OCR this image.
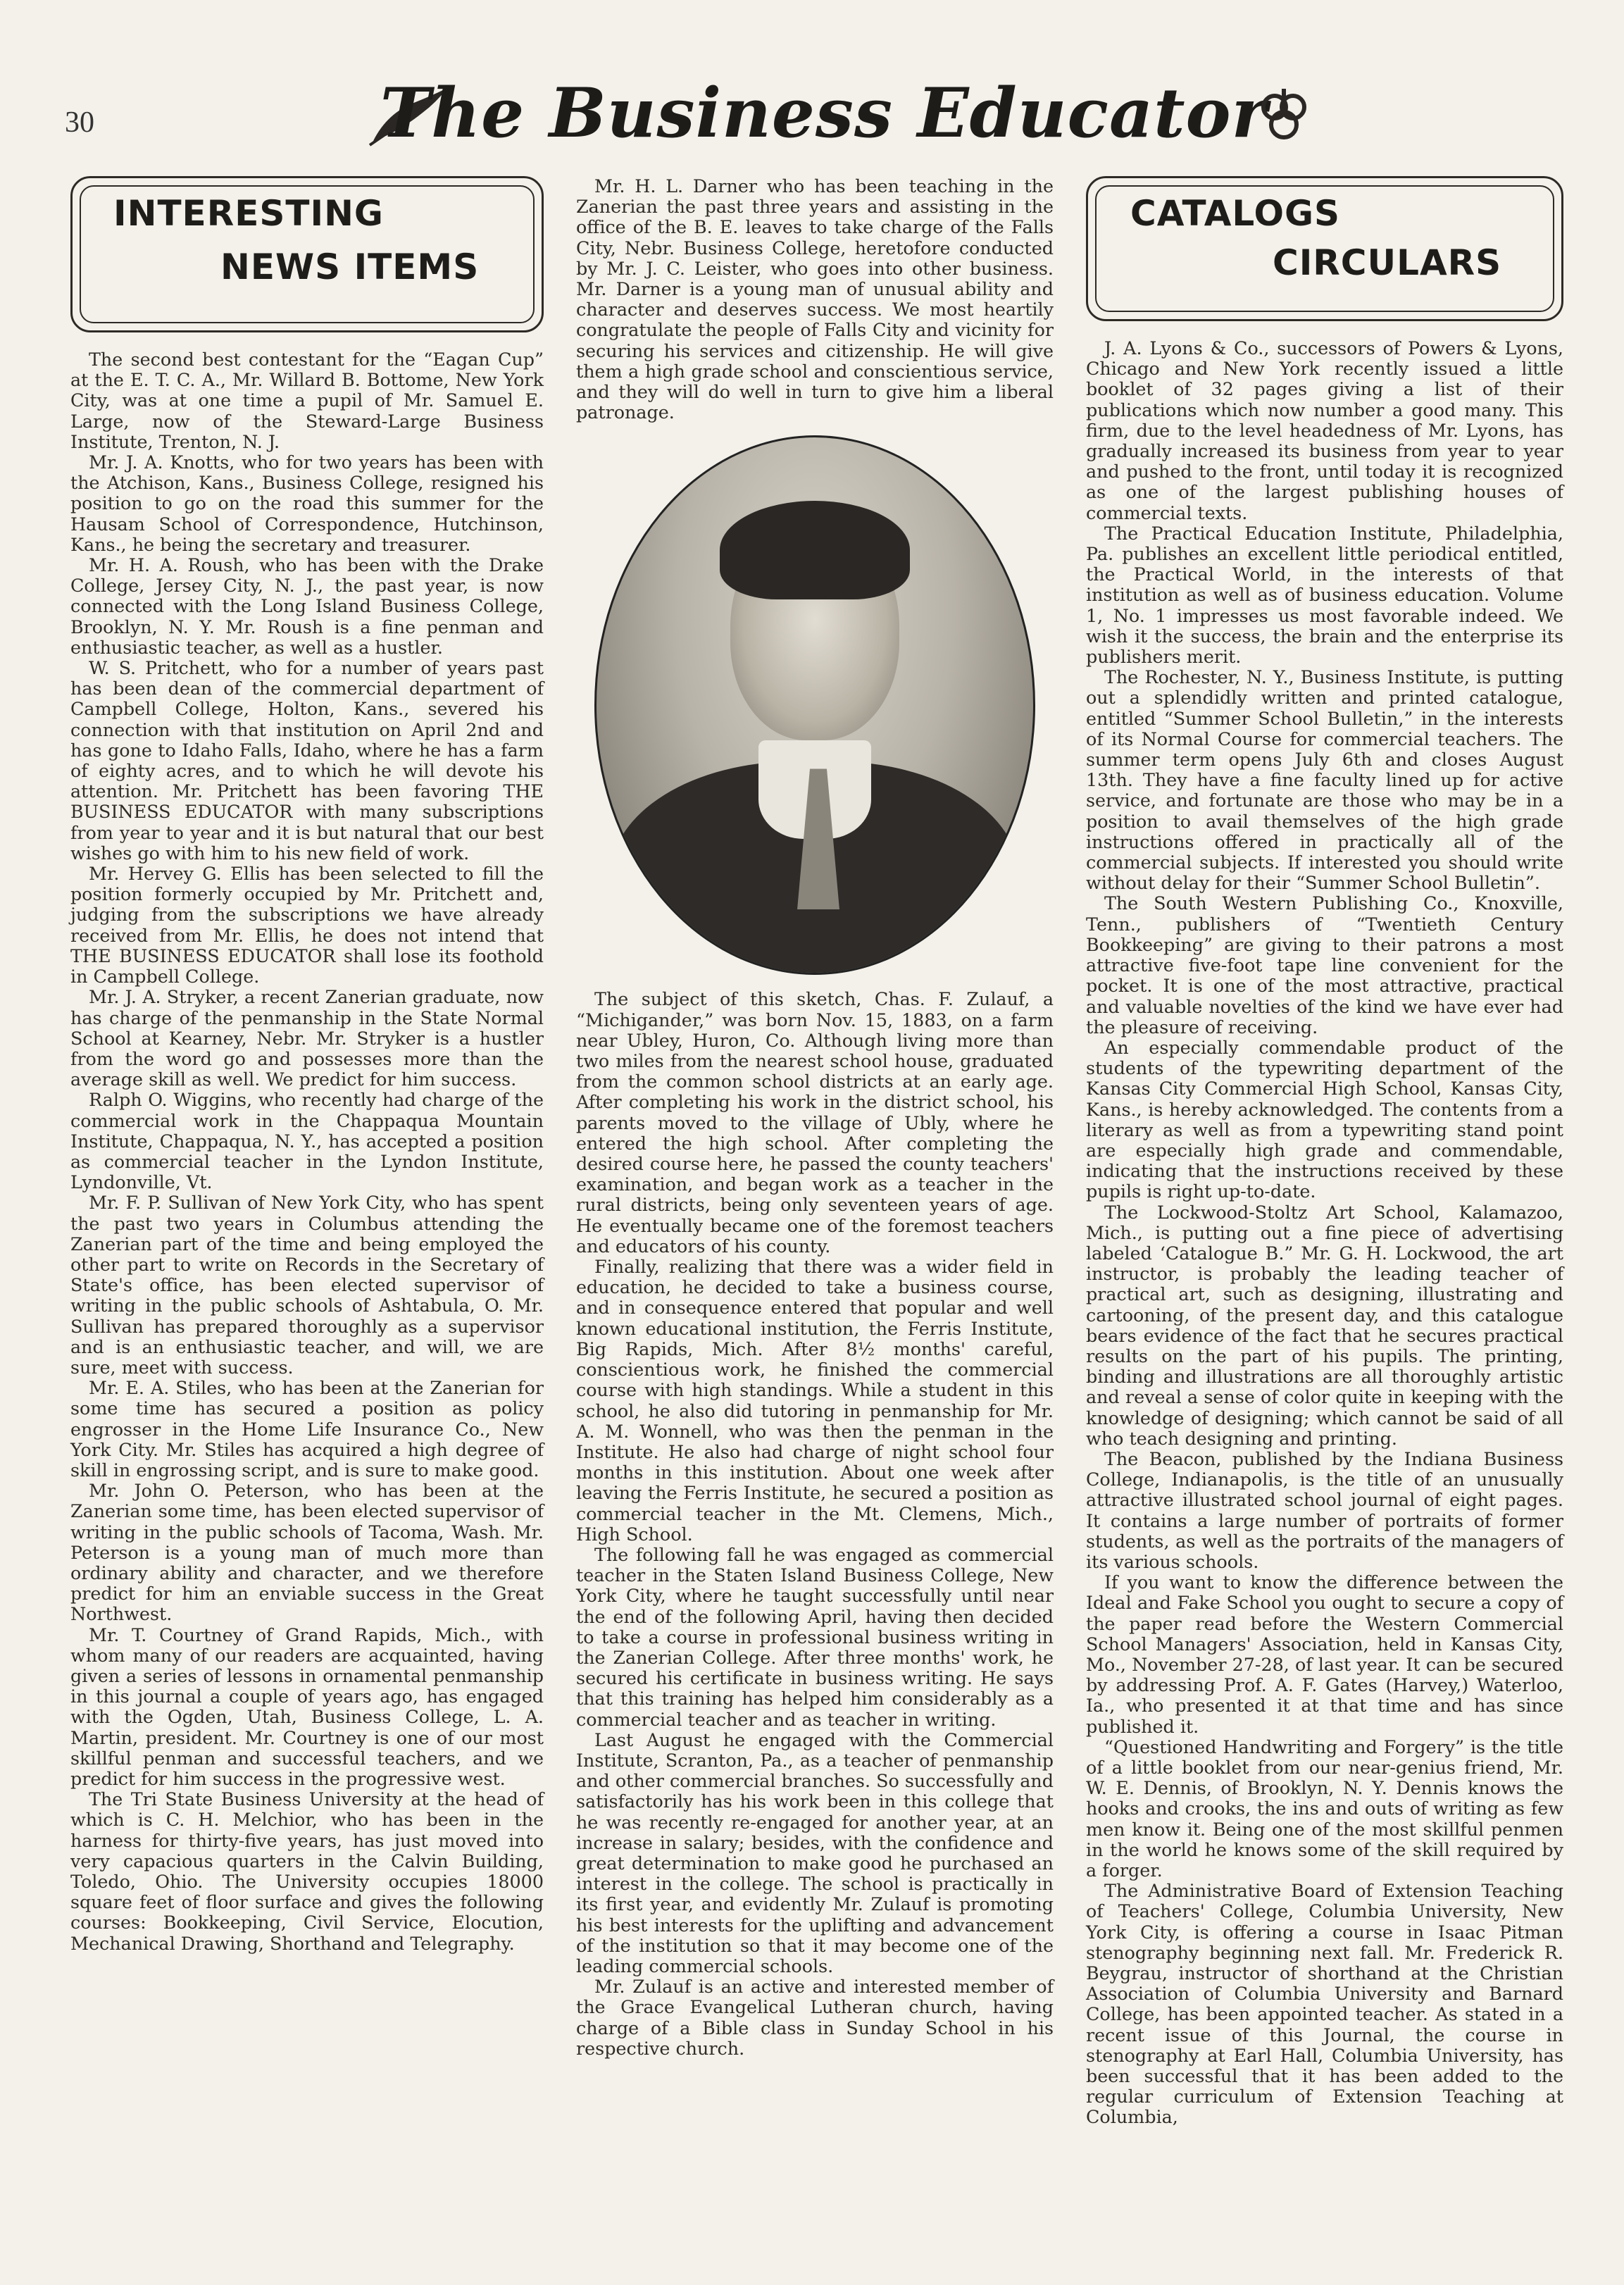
30	The Business Educator
INTERESTING
NEWS ITEMS

The second best contestant for the “Eagan Cup” at the E. T. C. A., Mr. Willard B. Bottome, New York City, was at one time a pupil of Mr. Samuel E. Large, now of the Steward-Large Business Institute, Trenton, N. J.

Mr. J. A. Knotts, who for two years has been with the Atchison, Kans., Business College, resigned his position to go on the road this summer for the Hausam School of Correspondence, Hutchinson, Kans., he being the secretary and treasurer.

Mr. H. A. Roush, who has been with the Drake College, Jersey City, N. J., the past year, is now connected with the Long Island Business College, Brooklyn, N. Y. Mr. Roush is a fine penman and enthusiastic teacher, as well as a hustler.

W. S. Pritchett, who for a number of years past has been dean of the commercial department of Campbell College, Holton, Kans., severed his connection with that institution on April 2nd and has gone to Idaho Falls, Idaho, where he has a farm of eighty acres, and to which he will devote his attention. Mr. Pritchett has been favoring THE BUSINESS EDUCATOR with many subscriptions from year to year and it is but natural that our best wishes go with him to his new field of work.

Mr. Hervey G. Ellis has been selected to fill the position formerly occupied by Mr. Pritchett and, judging from the subscriptions we have already received from Mr. Ellis, he does not intend that THE BUSINESS EDUCATOR shall lose its foothold in Campbell College.

Mr. J. A. Stryker, a recent Zanerian graduate, now has charge of the penmanship in the State Normal School at Kearney, Nebr. Mr. Stryker is a hustler from the word go and possesses more than the average skill as well. We predict for him success.

Ralph O. Wiggins, who recently had charge of the commercial work in the Chappaqua Mountain Institute, Chappaqua, N. Y., has accepted a position as commercial teacher in the Lyndon Institute, Lyndonville, Vt.

Mr. F. P. Sullivan of New York City, who has spent the past two years in Columbus attending the Zanerian part of the time and being employed the other part to write on Records in the Secretary of State's office, has been elected supervisor of writing in the public schools of Ashtabula, O. Mr. Sullivan has prepared thoroughly as a supervisor and is an enthusiastic teacher, and will, we are sure, meet with success.

Mr. E. A. Stiles, who has been at the Zanerian for some time has secured a position as policy engrosser in the Home Life Insurance Co., New York City. Mr. Stiles has acquired a high degree of skill in engrossing script, and is sure to make good.

Mr. John O. Peterson, who has been at the Zanerian some time, has been elected supervisor of writing in the public schools of Tacoma, Wash. Mr. Peterson is a young man of much more than ordinary ability and character, and we therefore predict for him an enviable success in the Great Northwest.

Mr. T. Courtney of Grand Rapids, Mich., with whom many of our readers are acquainted, having given a series of lessons in ornamental penmanship in this journal a couple of years ago, has engaged with the Ogden, Utah, Business College, L. A. Martin, president. Mr. Courtney is one of our most skillful penman and successful teachers, and we predict for him success in the progressive west.

The Tri State Business University at the head of which is C. H. Melchior, who has been in the harness for thirty-five years, has just moved into very capacious quarters in the Calvin Building, Toledo, Ohio. The University occupies 18000 square feet of floor surface and gives the following courses: Bookkeeping, Civil Service, Elocution, Mechanical Drawing, Shorthand and Telegraphy.

Mr. H. L. Darner who has been teaching in the Zanerian the past three years and assisting in the office of the B. E. leaves to take charge of the Falls City, Nebr. Business College, heretofore conducted by Mr. J. C. Leister, who goes into other business. Mr. Darner is a young man of unusual ability and character and deserves success. We most heartily congratulate the people of Falls City and vicinity for securing his services and citizenship. He will give them a high grade school and conscientious service, and they will do well in turn to give him a liberal patronage.

The subject of this sketch, Chas. F. Zulauf, a “Michigander,” was born Nov. 15, 1883, on a farm near Ubley, Huron, Co. Although living more than two miles from the nearest school house, graduated from the common school districts at an early age. After completing his work in the district school, his parents moved to the village of Ubly, where he entered the high school. After completing the desired course here, he passed the county teachers' examination, and began work as a teacher in the rural districts, being only seventeen years of age. He eventually became one of the foremost teachers and educators of his county.

Finally, realizing that there was a wider field in education, he decided to take a business course, and in consequence entered that popular and well known educational institution, the Ferris Institute, Big Rapids, Mich. After 8½ months' careful, conscientious work, he finished the commercial course with high standings. While a student in this school, he also did tutoring in penmanship for Mr. A. M. Wonnell, who was then the penman in the Institute. He also had charge of night school four months in this institution. About one week after leaving the Ferris Institute, he secured a position as commercial teacher in the Mt. Clemens, Mich., High School.

The following fall he was engaged as commercial teacher in the Staten Island Business College, New York City, where he taught successfully until near the end of the following April, having then decided to take a course in professional business writing in the Zanerian College. After three months' work, he secured his certificate in business writing. He says that this training has helped him considerably as a commercial teacher and as teacher in writing.

Last August he engaged with the Commercial Institute, Scranton, Pa., as a teacher of penmanship and other commercial branches. So successfully and satisfactorily has his work been in this college that he was recently re-engaged for another year, at an increase in salary; besides, with the confidence and great determination to make good he purchased an interest in the college. The school is practically in its first year, and evidently Mr. Zulauf is promoting his best interests for the uplifting and advancement of the institution so that it may become one of the leading commercial schools.

Mr. Zulauf is an active and interested member of the Grace Evangelical Lutheran church, having charge of a Bible class in Sunday School in his respective church.

CATALOGS
CIRCULARS

J. A. Lyons & Co., successors of Powers & Lyons, Chicago and New York recently issued a little booklet of 32 pages giving a list of their publications which now number a good many. This firm, due to the level headedness of Mr. Lyons, has gradually increased its business from year to year and pushed to the front, until today it is recognized as one of the largest publishing houses of commercial texts.

The Practical Education Institute, Philadelphia, Pa. publishes an excellent little periodical entitled, the Practical World, in the interests of that institution as well as of business education. Volume 1, No. 1 impresses us most favorable indeed. We wish it the success, the brain and the enterprise its publishers merit.

The Rochester, N. Y., Business Institute, is putting out a splendidly written and printed catalogue, entitled “Summer School Bulletin,” in the interests of its Normal Course for commercial teachers. The summer term opens July 6th and closes August 13th. They have a fine faculty lined up for active service, and fortunate are those who may be in a position to avail themselves of the high grade instructions offered in practically all of the commercial subjects. If interested you should write without delay for their “Summer School Bulletin”.

The South Western Publishing Co., Knoxville, Tenn., publishers of “Twentieth Century Bookkeeping” are giving to their patrons a most attractive five-foot tape line convenient for the pocket. It is one of the most attractive, practical and valuable novelties of the kind we have ever had the pleasure of receiving.

An especially commendable product of the students of the typewriting department of the Kansas City Commercial High School, Kansas City, Kans., is hereby acknowledged. The contents from a literary as well as from a typewriting stand point are especially high grade and commendable, indicating that the instructions received by these pupils is right up-to-date.

The Lockwood-Stoltz Art School, Kalamazoo, Mich., is putting out a fine piece of advertising labeled ‘Catalogue B.” Mr. G. H. Lockwood, the art instructor, is probably the leading teacher of practical art, such as designing, illustrating and cartooning, of the present day, and this catalogue bears evidence of the fact that he secures practical results on the part of his pupils. The printing, binding and illustrations are all thoroughly artistic and reveal a sense of color quite in keeping with the knowledge of designing; which cannot be said of all who teach designing and printing.

The Beacon, published by the Indiana Business College, Indianapolis, is the title of an unusually attractive illustrated school journal of eight pages. It contains a large number of portraits of former students, as well as the portraits of the managers of its various schools.

If you want to know the difference between the Ideal and Fake School you ought to secure a copy of the paper read before the Western Commercial School Managers' Association, held in Kansas City, Mo., November 27-28, of last year. It can be secured by addressing Prof. A. F. Gates (Harvey,) Waterloo, Ia., who presented it at that time and has since published it.

“Questioned Handwriting and Forgery” is the title of a little booklet from our near-genius friend, Mr. W. E. Dennis, of Brooklyn, N. Y. Dennis knows the hooks and crooks, the ins and outs of writing as few men know it. Being one of the most skillful penmen in the world he knows some of the skill required by a forger.

The Administrative Board of Extension Teaching of Teachers' College, Columbia University, New York City, is offering a course in Isaac Pitman stenography beginning next fall. Mr. Frederick R. Beygrau, instructor of shorthand at the Christian Association of Columbia University and Barnard College, has been appointed teacher. As stated in a recent issue of this Journal, the course in stenography at Earl Hall, Columbia University, has been successful that it has been added to the regular curriculum of Extension Teaching at Columbia,
